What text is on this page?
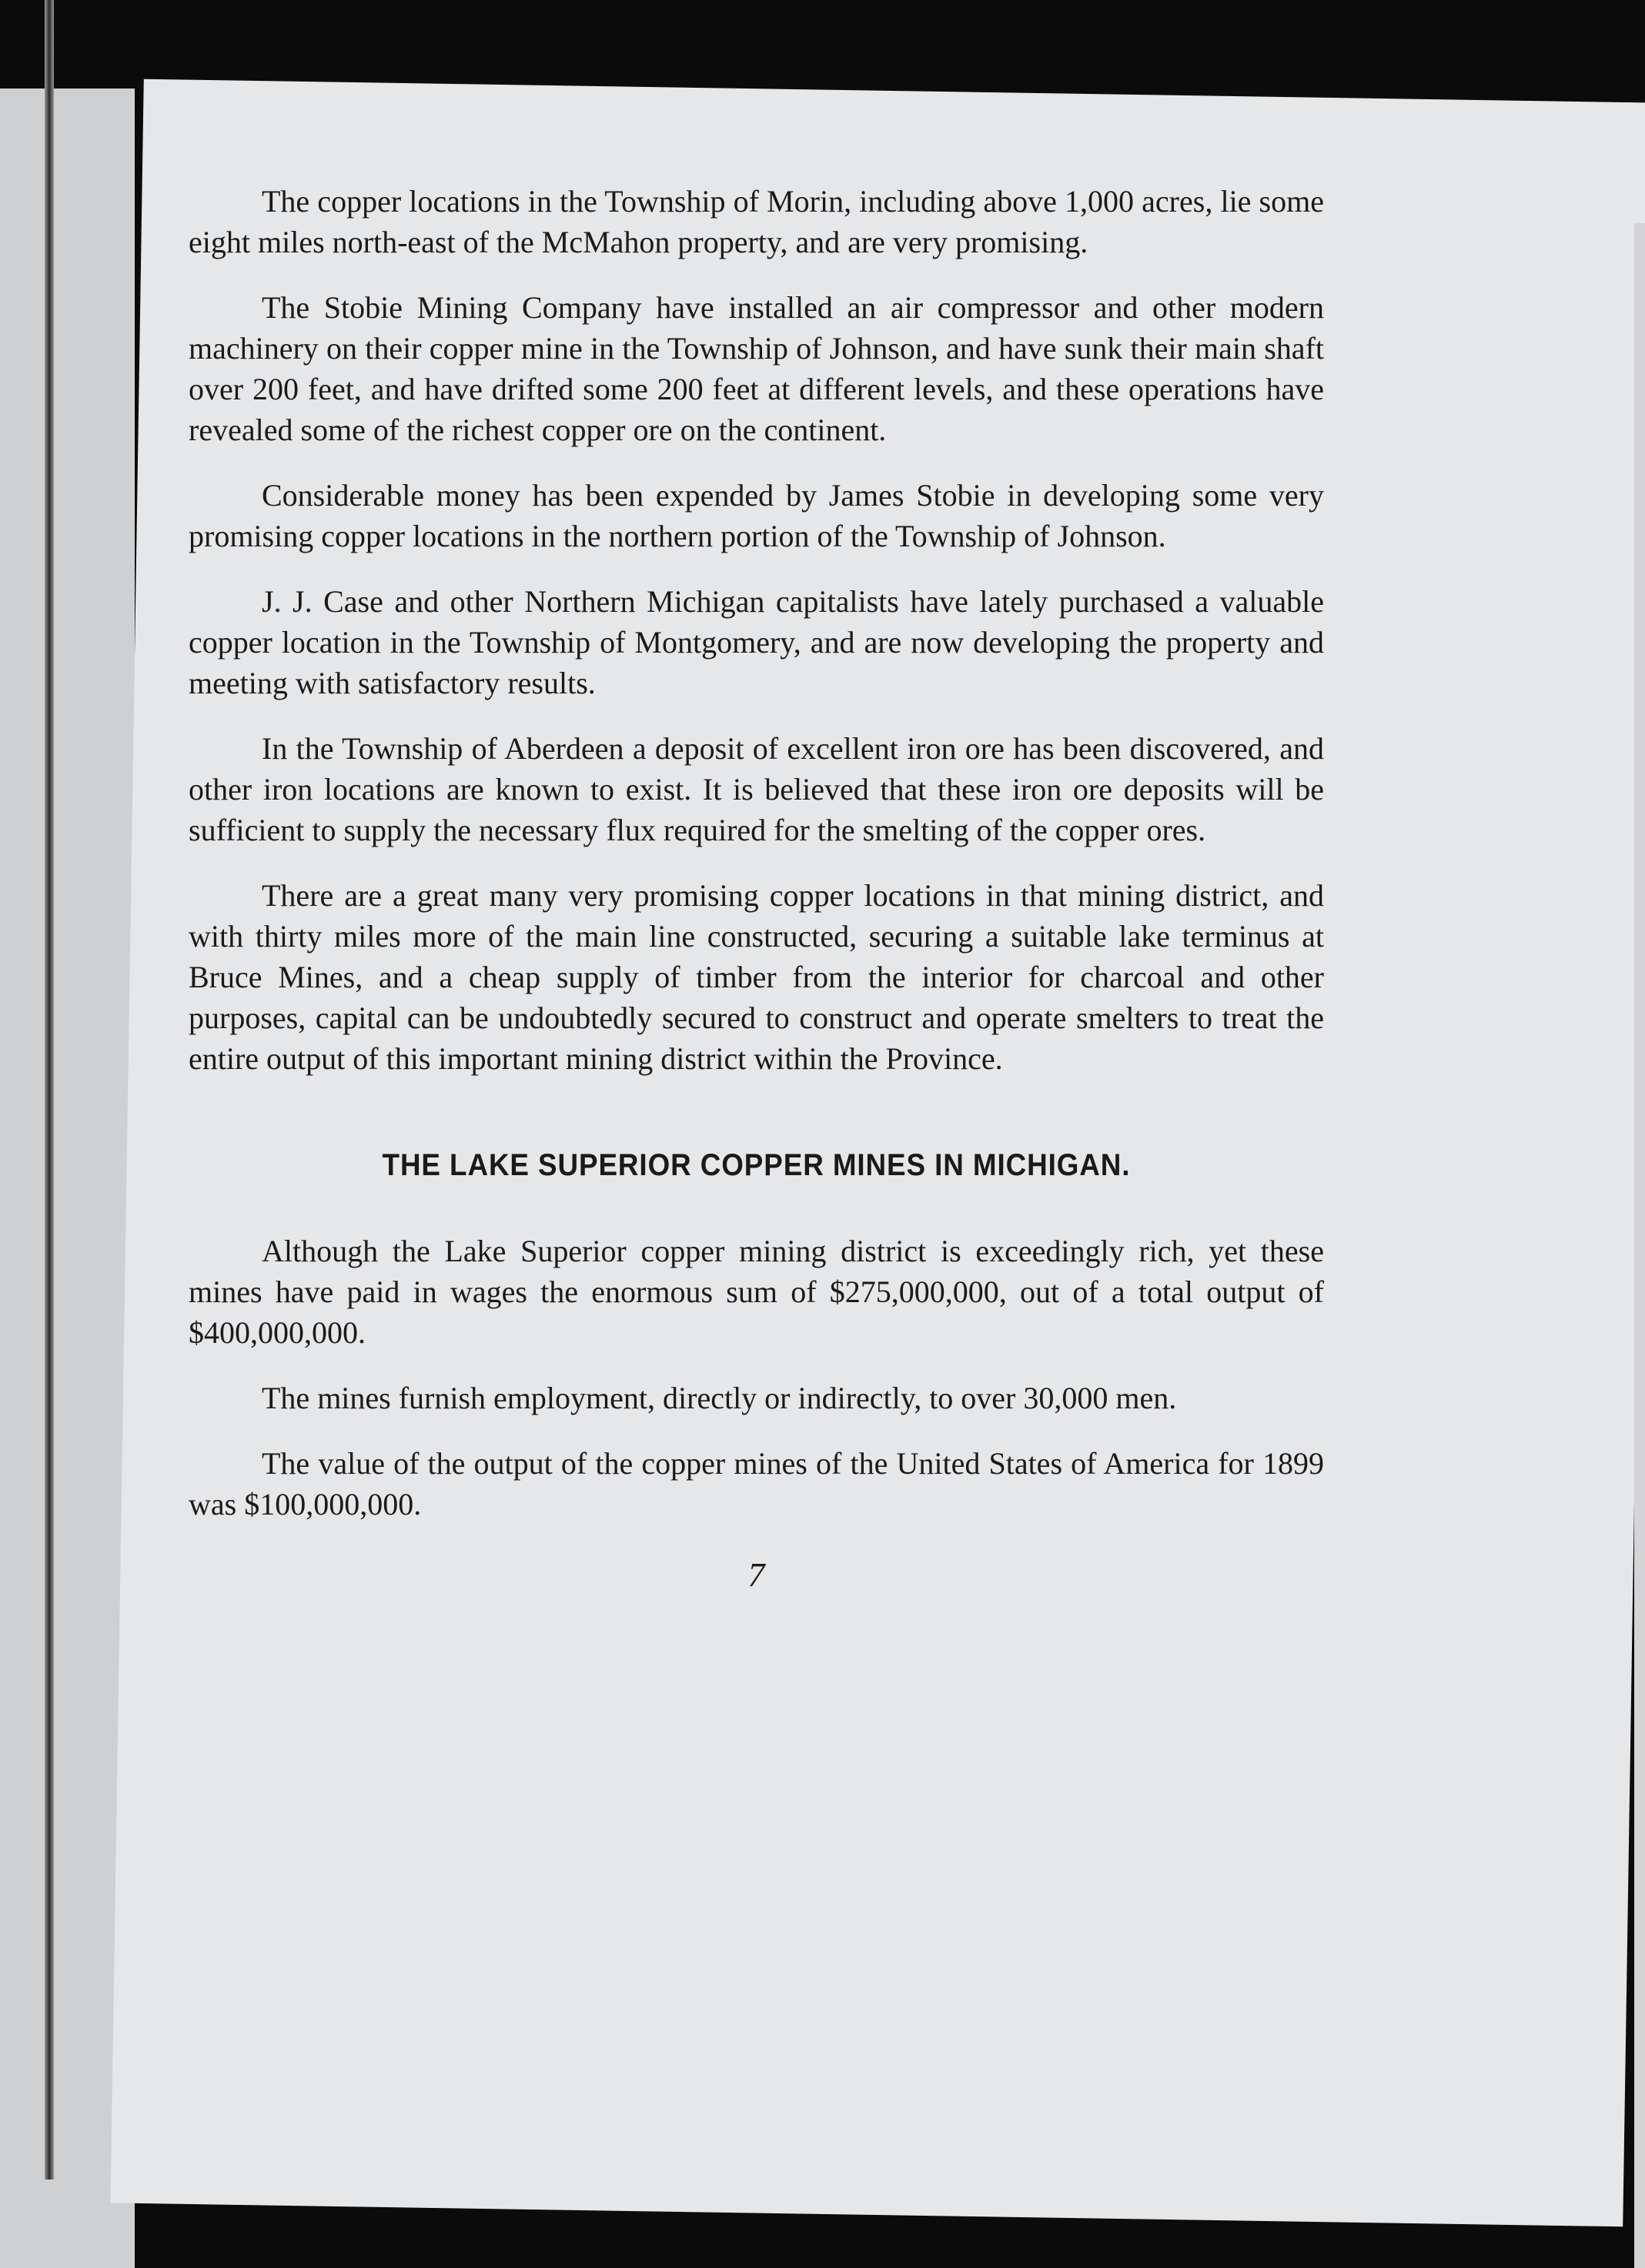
The copper locations in the Township of Morin, including above 1,000 acres, lie some eight miles north-east of the McMahon property, and are very promising.

The Stobie Mining Company have installed an air compressor and other modern machinery on their copper mine in the Township of Johnson, and have sunk their main shaft over 200 feet, and have drifted some 200 feet at different levels, and these operations have revealed some of the richest copper ore on the continent.

Considerable money has been expended by James Stobie in developing some very promising copper locations in the northern portion of the Township of Johnson.

J. J. Case and other Northern Michigan capitalists have lately purchased a valuable copper location in the Township of Montgomery, and are now developing the property and meeting with satisfactory results.

In the Township of Aberdeen a deposit of excellent iron ore has been discovered, and other iron locations are known to exist. It is believed that these iron ore deposits will be sufficient to supply the necessary flux required for the smelting of the copper ores.

There are a great many very promising copper locations in that mining district, and with thirty miles more of the main line constructed, securing a suitable lake terminus at Bruce Mines, and a cheap supply of timber from the interior for charcoal and other purposes, capital can be undoubtedly secured to construct and operate smelters to treat the entire output of this important mining district within the Province.

THE LAKE SUPERIOR COPPER MINES IN MICHIGAN.

Although the Lake Superior copper mining district is exceedingly rich, yet these mines have paid in wages the enormous sum of $275,000,000, out of a total output of $400,000,000.

The mines furnish employment, directly or indirectly, to over 30,000 men.

The value of the output of the copper mines of the United States of America for 1899 was $100,000,000.

7
